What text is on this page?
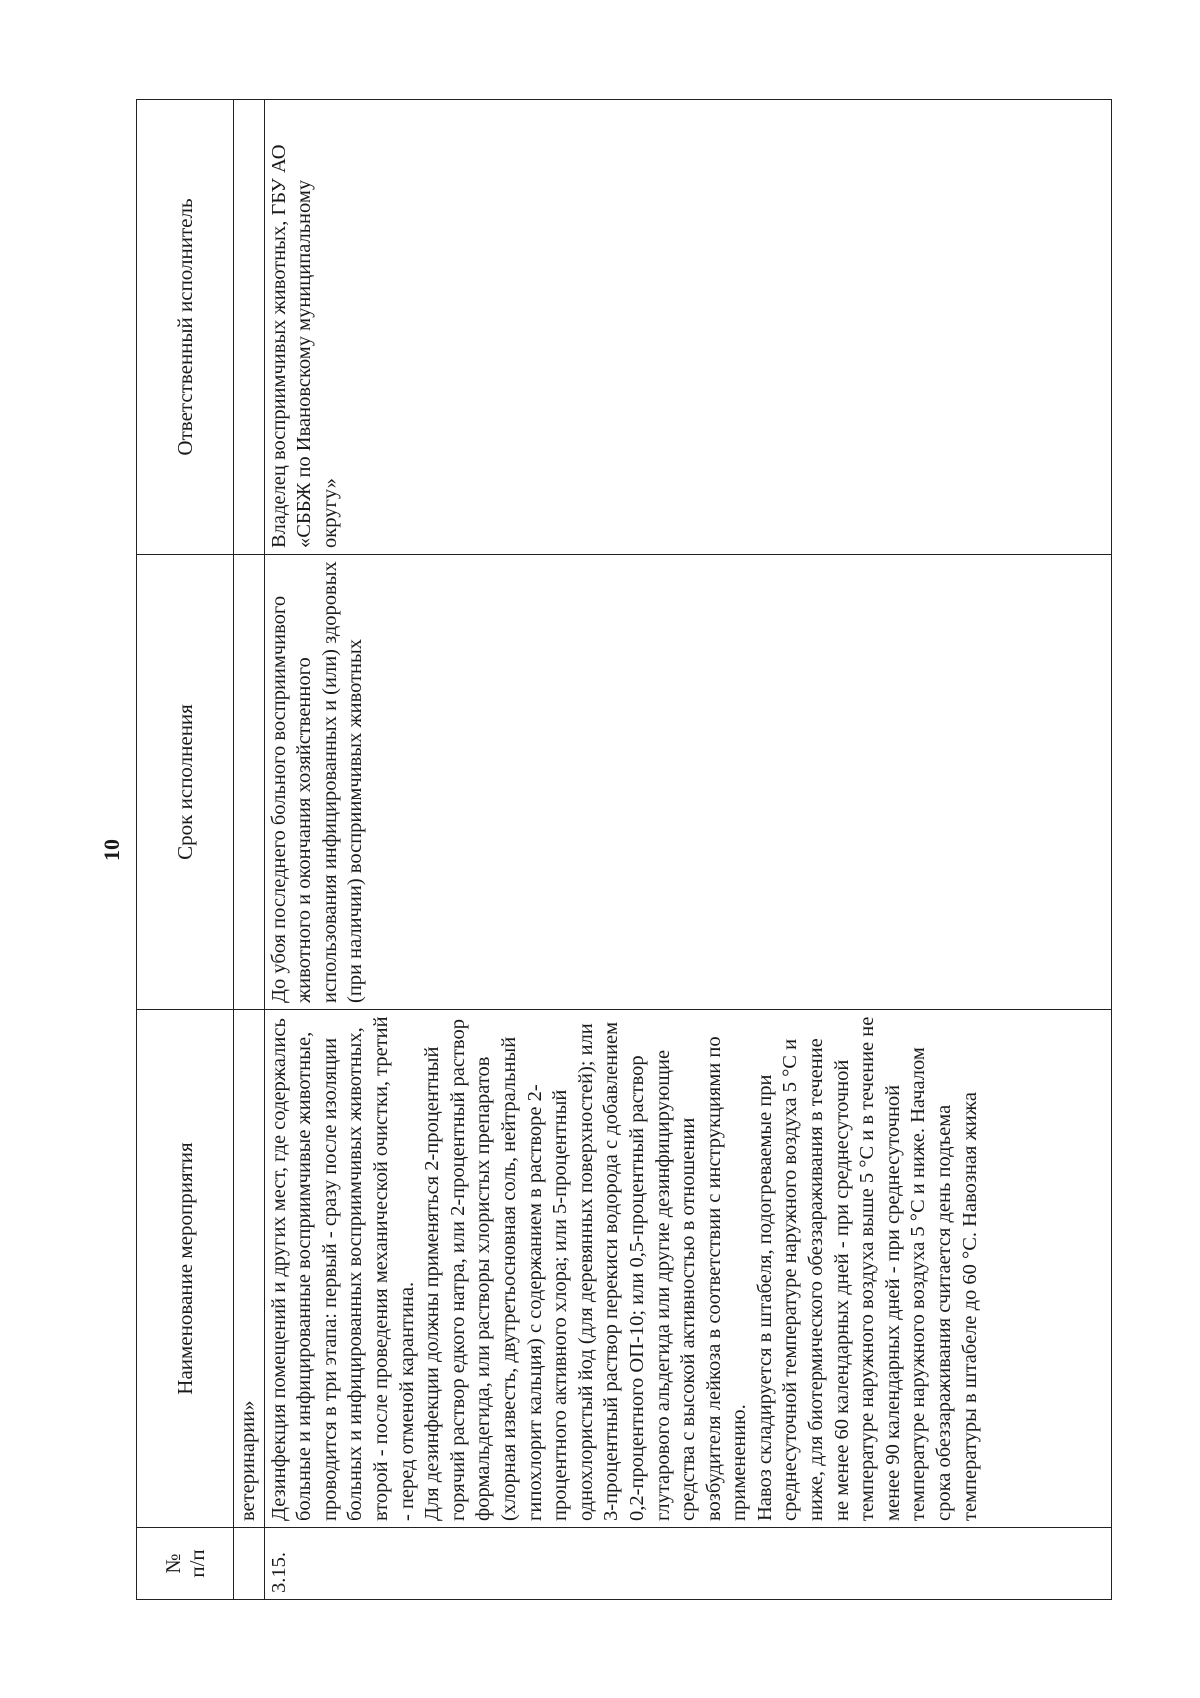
10
№
п/п	Наименование мероприятия	Срок исполнения	Ответственный исполнитель
	ветеринарии»		
3.15.	Дезинфекция помещений и других мест, где содержались больные и инфицированные восприимчивые животные, проводится в три этапа: первый - сразу после изоляции больных и инфицированных восприимчивых животных, второй - после проведения механической очистки, третий - перед отменой карантина. Для дезинфекции должны применяться 2-процентный горячий раствор едкого натра, или 2-процентный раствор формальдегида, или растворы хлористых препаратов (хлорная известь, двутретьосновная соль, нейтральный гипохлорит кальция) с содержанием в растворе 2-процентного активного хлора; или 5-процентный однохлористый йод (для деревянных поверхностей); или 3-процентный раствор перекиси водорода с добавлением 0,2-процентного ОП-10; или 0,5-процентный раствор глутарового альдегида или другие дезинфицирующие средства с высокой активностью в отношении возбудителя лейкоза в соответствии с инструкциями по применению. Навоз складируется в штабеля, подогреваемые при среднесуточной температуре наружного воздуха 5 °С и ниже, для биотермического обеззараживания в течение не менее 60 календарных дней - при среднесуточной температуре наружного воздуха выше 5 °С и в течение не менее 90 календарных дней - при среднесуточной температуре наружного воздуха 5 °С и ниже. Началом срока обеззараживания считается день подъема температуры в штабеле до 60 °С. Навозная жижа	До убоя последнего больного восприимчивого животного и окончания хозяйственного использования инфицированных и (или) здоровых (при наличии) восприимчивых животных	Владелец восприимчивых животных, ГБУ АО «СББЖ по Ивановскому муниципальному округу»
